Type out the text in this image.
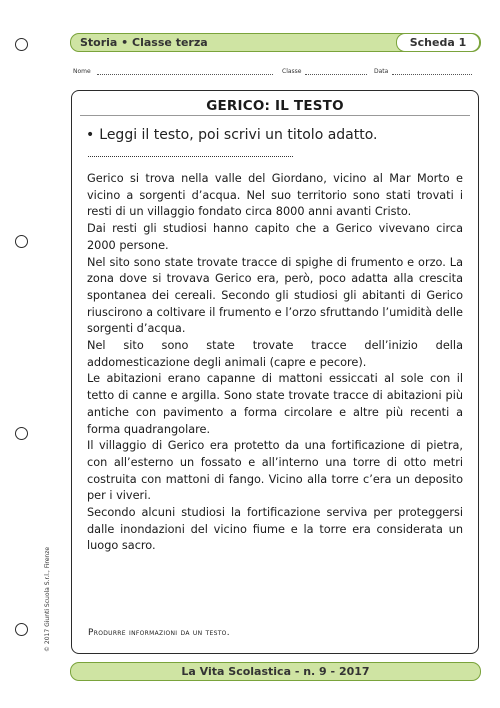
Storia • Classe terza	Scheda 1
Nome	Classe	Data
GERICO: IL TESTO
• Leggi il testo, poi scrivi un titolo adatto.

Gerico si trova nella valle del Giordano, vicino al Mar Morto e vicino a sorgenti d’acqua. Nel suo territorio sono stati trovati i resti di un villaggio fondato circa 8000 anni avanti Cristo.

Dai resti gli studiosi hanno capito che a Gerico vivevano circa 2000 persone.

Nel sito sono state trovate tracce di spighe di frumento e orzo. La zona dove si trovava Gerico era, però, poco adatta alla crescita spontanea dei cereali. Secondo gli studiosi gli abitanti di Gerico riuscirono a coltivare il frumento e l’orzo sfruttando l’umidità delle sorgenti d’acqua.

Nel sito sono state trovate tracce dell’inizio della addomesticazione degli animali (capre e pecore).

Le abitazioni erano capanne di mattoni essiccati al sole con il tetto di canne e argilla. Sono state trovate tracce di abitazioni più antiche con pavimento a forma circolare e altre più recenti a forma quadrangolare.

Il villaggio di Gerico era protetto da una fortificazione di pietra, con all’esterno un fossato e all’interno una torre di otto metri costruita con mattoni di fango. Vicino alla torre c’era un deposito per i viveri.

Secondo alcuni studiosi la fortificazione serviva per proteggersi dalle inondazioni del vicino fiume e la torre era considerata un luogo sacro.

Produrre informazioni da un testo.
© 2017 Giunti Scuola S.r.l., Firenze
La Vita Scolastica - n. 9 - 2017
